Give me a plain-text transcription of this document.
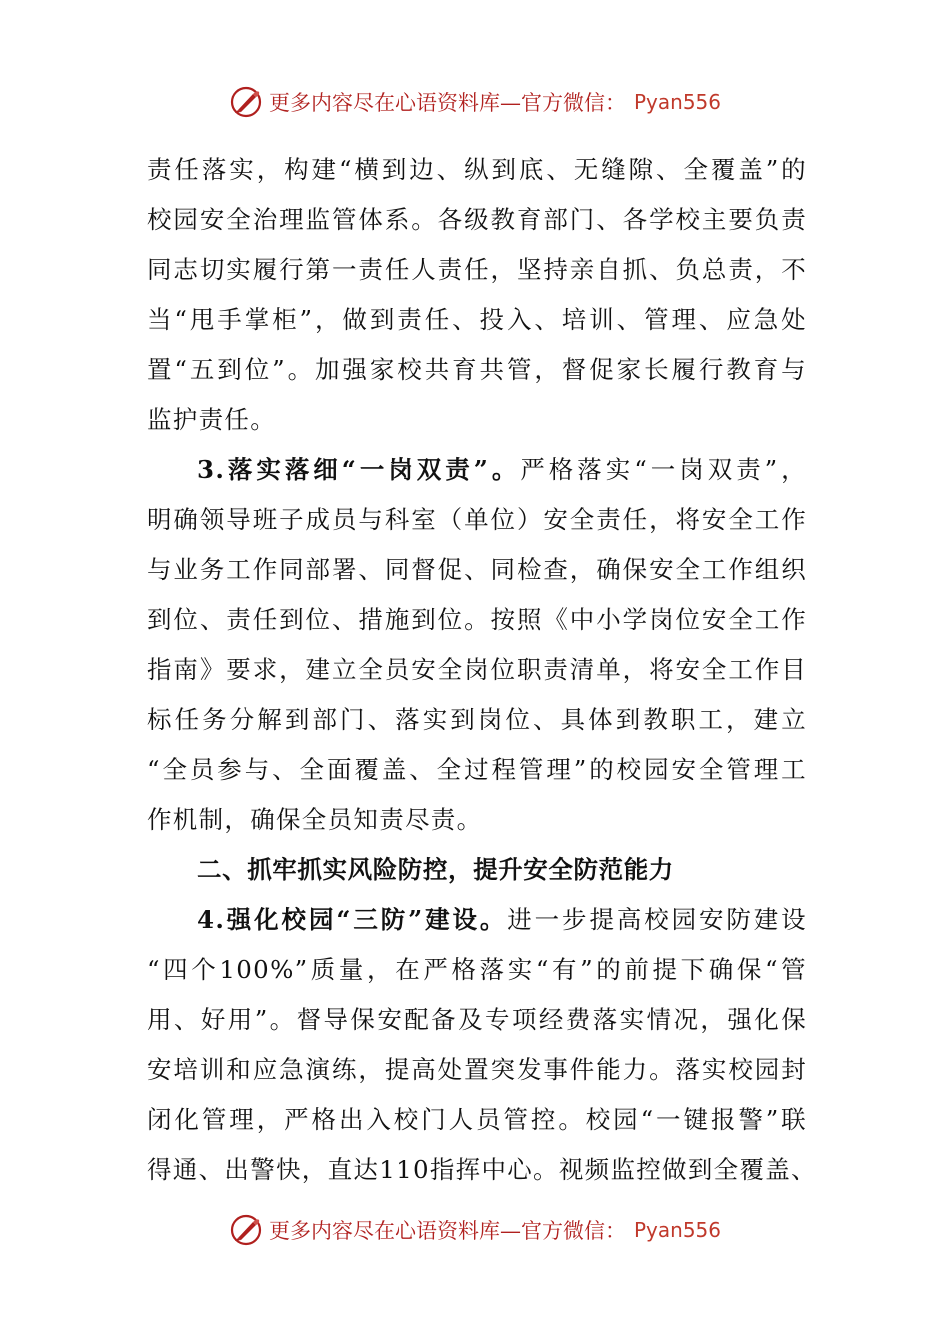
更多内容尽在心语资料库—官方微信： Pyan556
责任落实，构建“横到边、纵到底、无缝隙、全覆盖”的
校园安全治理监管体系。各级教育部门、各学校主要负责
同志切实履行第一责任人责任，坚持亲自抓、负总责，不
当“甩手掌柜”，做到责任、投入、培训、管理、应急处
置“五到位”。加强家校共育共管，督促家长履行教育与
监护责任。
3.落实落细“一岗双责”。严格落实“一岗双责”，
明确领导班子成员与科室（单位）安全责任，将安全工作
与业务工作同部署、同督促、同检查，确保安全工作组织
到位、责任到位、措施到位。按照《中小学岗位安全工作
指南》要求，建立全员安全岗位职责清单，将安全工作目
标任务分解到部门、落实到岗位、具体到教职工，建立
“全员参与、全面覆盖、全过程管理”的校园安全管理工
作机制，确保全员知责尽责。
二、抓牢抓实风险防控，提升安全防范能力
4.强化校园“三防”建设。进一步提高校园安防建设
“四个100%”质量，在严格落实“有”的前提下确保“管
用、好用”。督导保安配备及专项经费落实情况，强化保
安培训和应急演练，提高处置突发事件能力。落实校园封
闭化管理，严格出入校门人员管控。校园“一键报警”联
得通、出警快，直达110指挥中心。视频监控做到全覆盖、
更多内容尽在心语资料库—官方微信： Pyan556
